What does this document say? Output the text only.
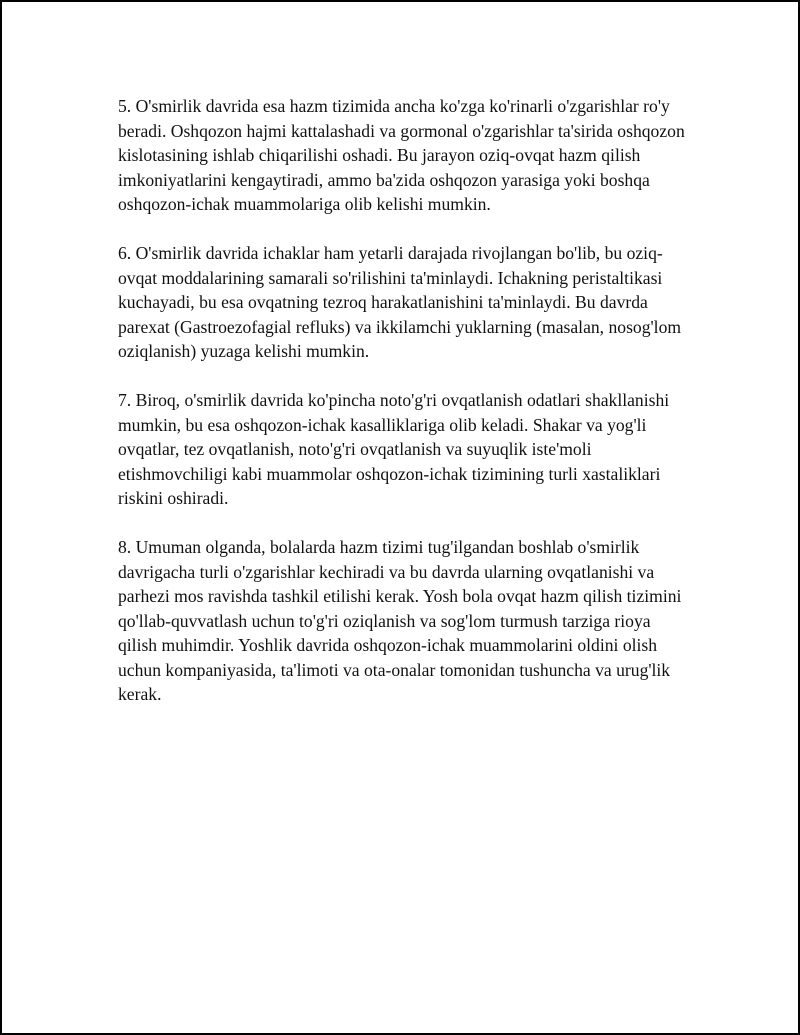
5. O'smirlik davrida esa hazm tizimida ancha ko'zga ko'rinarli o'zgarishlar ro'y beradi. Oshqozon hajmi kattalashadi va gormonal o'zgarishlar ta'sirida oshqozon kislotasining ishlab chiqarilishi oshadi. Bu jarayon oziq-ovqat hazm qilish imkoniyatlarini kengaytiradi, ammo ba'zida oshqozon yarasiga yoki boshqa oshqozon-ichak muammolariga olib kelishi mumkin.

6. O'smirlik davrida ichaklar ham yetarli darajada rivojlangan bo'lib, bu oziq-ovqat moddalarining samarali so'rilishini ta'minlaydi. Ichakning peristaltikasi kuchayadi, bu esa ovqatning tezroq harakatlanishini ta'minlaydi. Bu davrda parexat (Gastroezofagial refluks) va ikkilamchi yuklarning (masalan, nosog'lom oziqlanish) yuzaga kelishi mumkin.

7. Biroq, o'smirlik davrida ko'pincha noto'g'ri ovqatlanish odatlari shakllanishi mumkin, bu esa oshqozon-ichak kasalliklariga olib keladi. Shakar va yog'li ovqatlar, tez ovqatlanish, noto'g'ri ovqatlanish va suyuqlik iste'moli etishmovchiligi kabi muammolar oshqozon-ichak tizimining turli xastaliklari riskini oshiradi.

8. Umuman olganda, bolalarda hazm tizimi tug'ilgandan boshlab o'smirlik davrigacha turli o'zgarishlar kechiradi va bu davrda ularning ovqatlanishi va parhezi mos ravishda tashkil etilishi kerak. Yosh bola ovqat hazm qilish tizimini qo'llab-quvvatlash uchun to'g'ri oziqlanish va sog'lom turmush tarziga rioya qilish muhimdir. Yoshlik davrida oshqozon-ichak muammolarini oldini olish uchun kompaniyasida, ta'limoti va ota-onalar tomonidan tushuncha va urug'lik kerak.
